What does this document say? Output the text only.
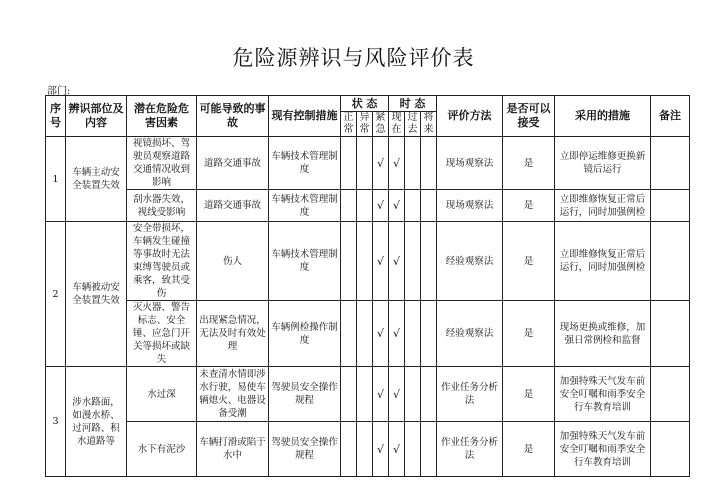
危险源辨识与风险评价表
部门:
序号	辨识部位及内容	潜在危险危害因素	可能导致的事故	现有控制措施	状 态			时 态			评价方法	是否可以接受	采用的措施	备注
					正常	异常	紧急	现在	过去	将来				
1	车辆主动安全装置失效	视镜损坏、驾驶员观察道路交通情况收到影响	道路交通事故	车辆技术管理制度			√	√			现场观察法	是	立即停运维修更换新镜后运行	
		刮水器失效，视线受影响	道路交通事故	车辆技术管理制度			√	√			现场观察法	是	立即维修恢复正常后运行，同时加强例检	
2	车辆被动安全装置失效	安全带损坏，车辆发生碰撞等事故时无法束缚驾驶员或乘客，致其受伤	伤人	车辆技术管理制度			√	√			经验观察法	是	立即维修恢复正常后运行，同时加强例检	
		灭火器、警告标志、安全锤、应急门开关等损坏或缺失	出现紧急情况，无法及时有效处理	车辆例检操作制度			√	√			经验观察法	是	现场更换或维修，加强日常例检和监督	
3	涉水路面，如漫水桥、过河路、积水道路等	水过深	未查清水情即涉水行驶，易使车辆熄火、电器设备受潮	驾驶员安全操作规程			√	√			作业任务分析法	是	加强特殊天气发车前安全叮嘱和雨季安全行车教育培训	
		水下有泥沙	车辆打滑或陷于水中	驾驶员安全操作规程			√	√			作业任务分析法	是	加强特殊天气发车前安全叮嘱和雨季安全行车教育培训	
